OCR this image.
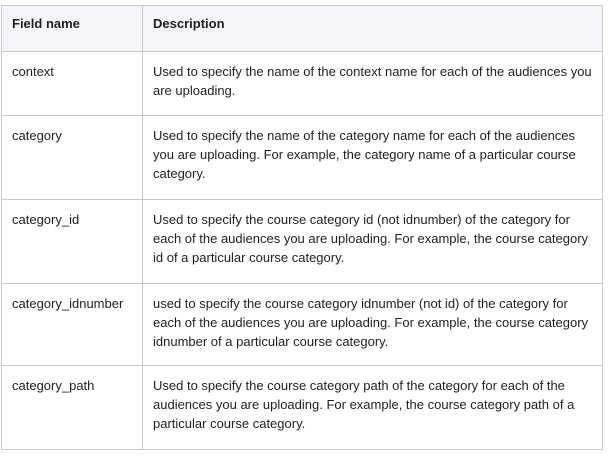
Field name	Description
context	Used to specify the name of the context name for each of the audiences you are uploading.
category	Used to specify the name of the category name for each of the audiences you are uploading. For example, the category name of a particular course category.
category_id	Used to specify the course category id (not idnumber) of the category for each of the audiences you are uploading. For example, the course category id of a particular course category.
category_idnumber	used to specify the course category idnumber (not id) of the category for each of the audiences you are uploading. For example, the course category idnumber of a particular course category.
category_path	Used to specify the course category path of the category for each of the audiences you are uploading. For example, the course category path of a particular course category.
